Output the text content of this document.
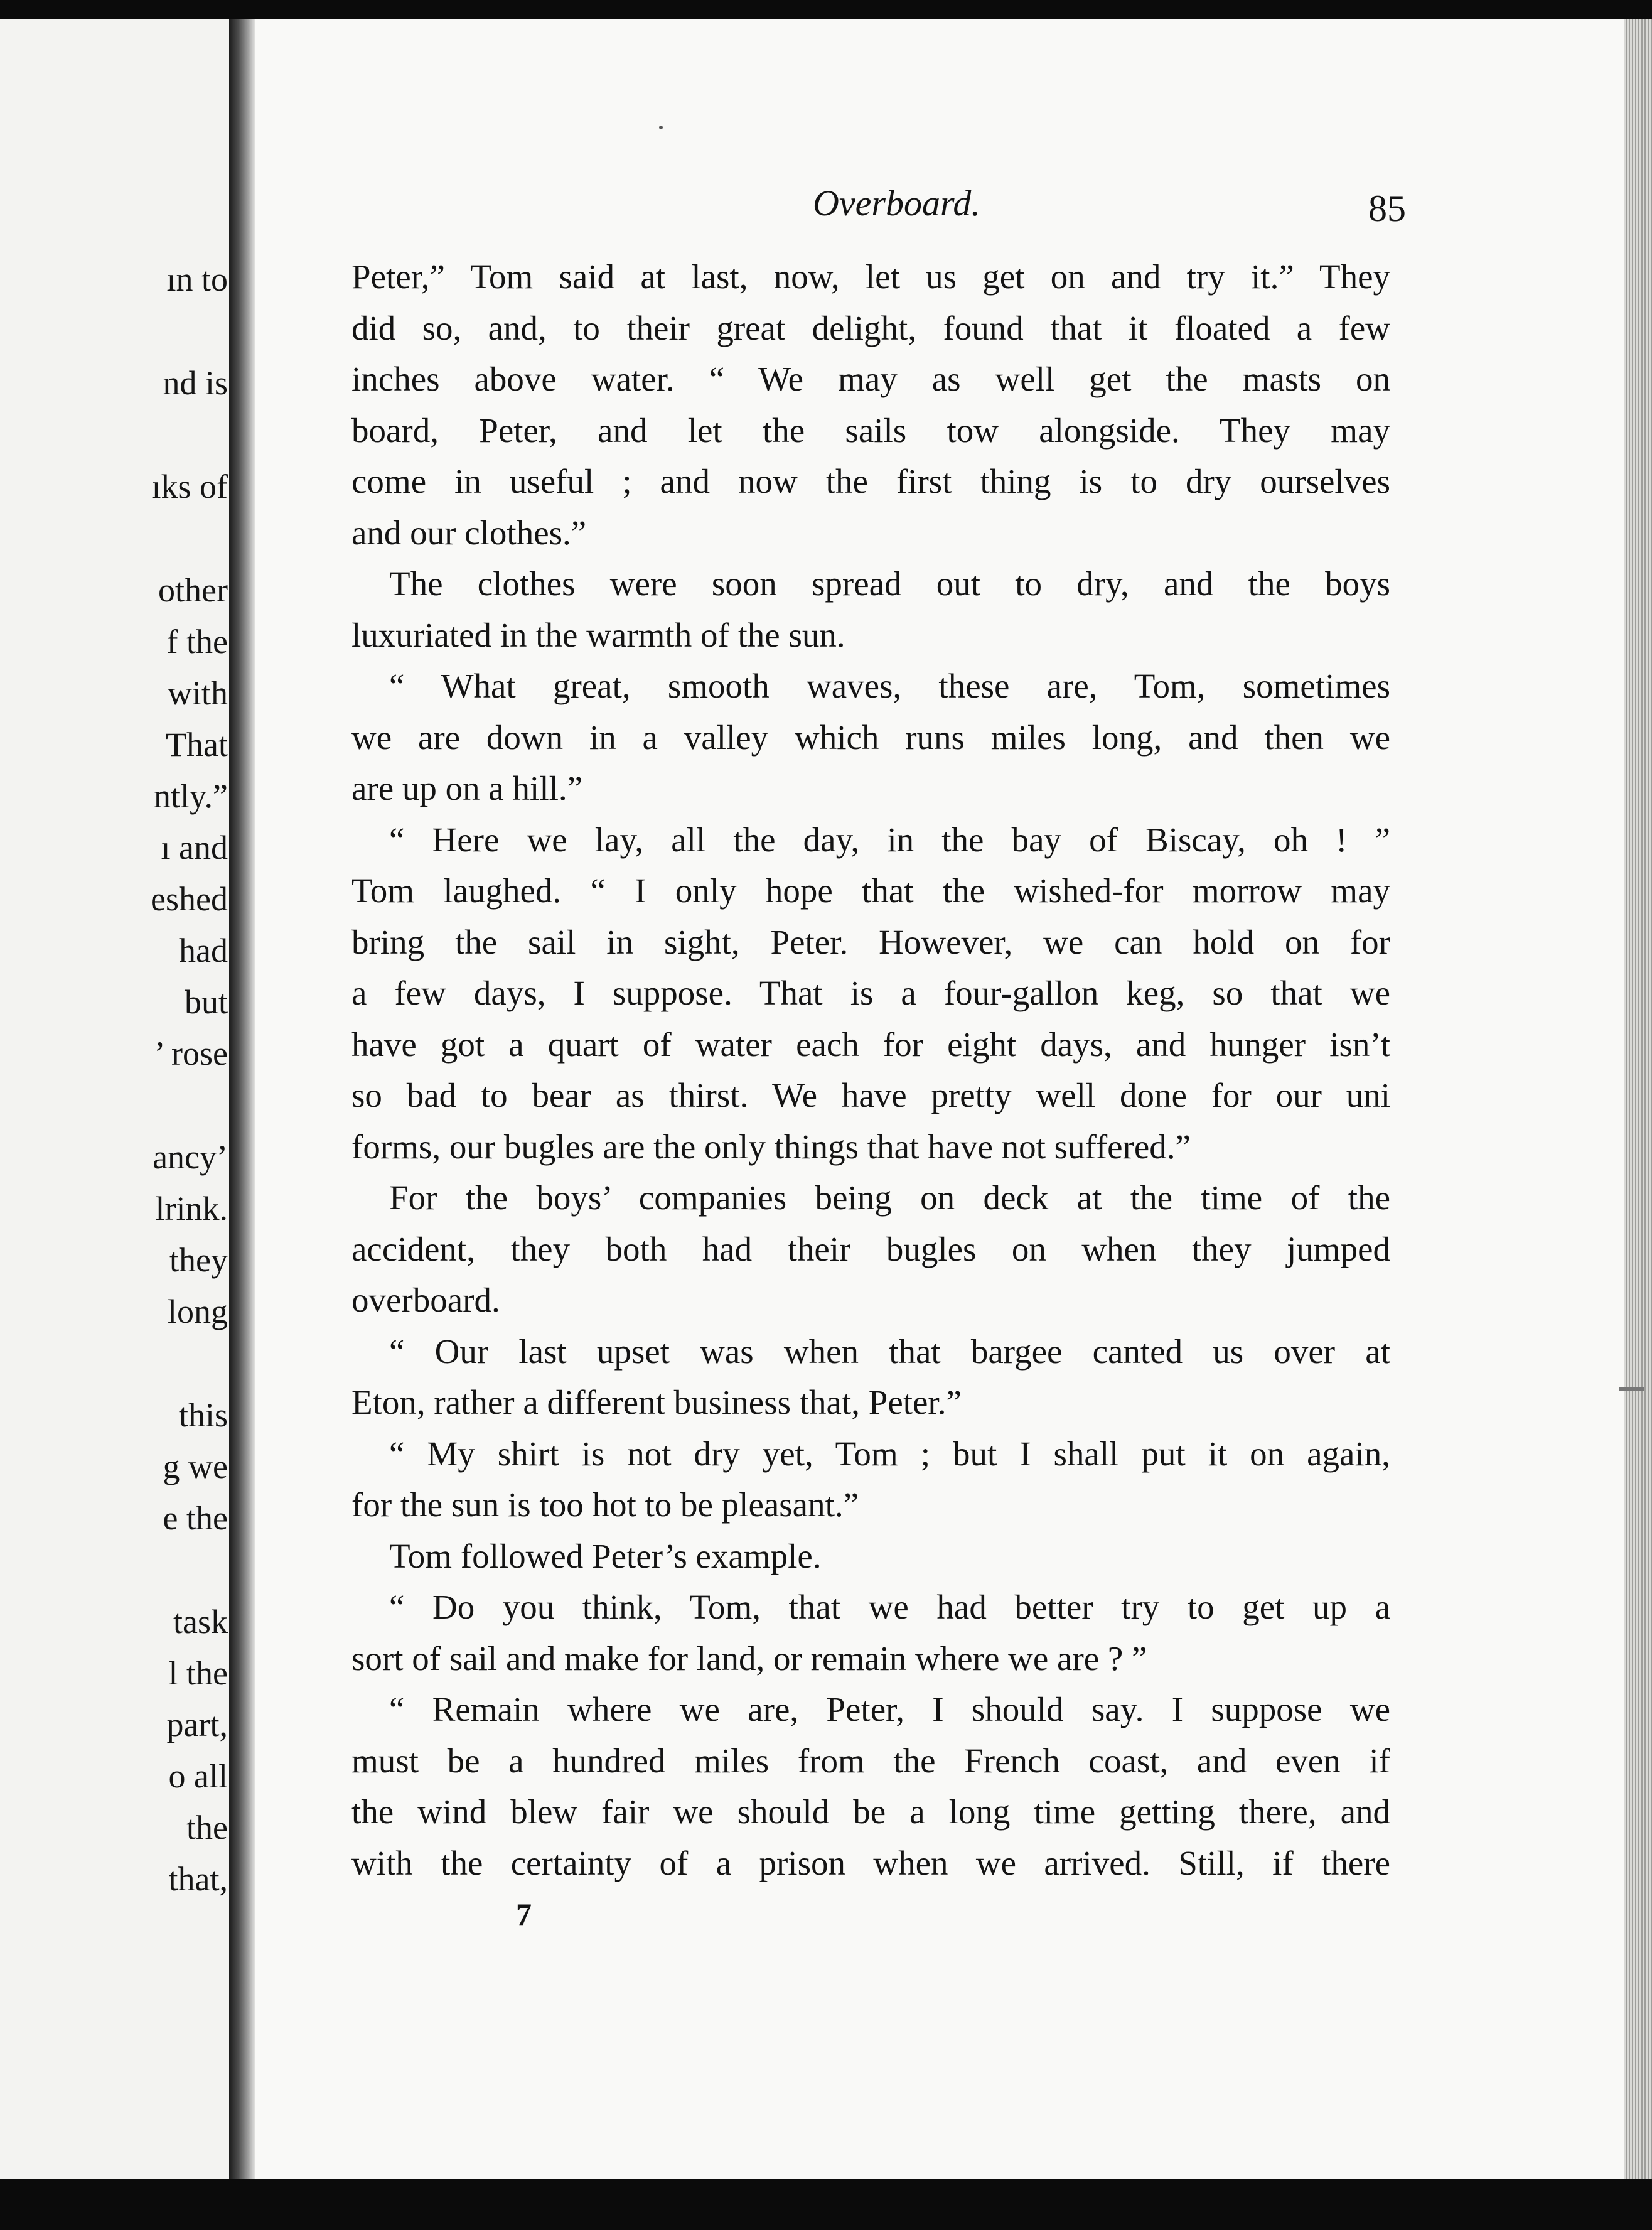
ın to
nd is
ıks of
other
f the
with
That
ntly.”
ı and
eshed
had
but
’ rose
ancy’
lrink.
they
long
this
g we
e the
task
l the
part,
o all
the
that,
Overboard.	85
Peter,” Tom said at last, now, let us get on and try it.” They
did so, and, to their great delight, found that it floated a few
inches above water. “ We may as well get the masts on
board, Peter, and let the sails tow alongside. They may
come in useful ; and now the first thing is to dry ourselves
and our clothes.”
The clothes were soon spread out to dry, and the boys
luxuriated in the warmth of the sun.
“ What great, smooth waves, these are, Tom, sometimes
we are down in a valley which runs miles long, and then we
are up on a hill.”
“ Here we lay, all the day, in the bay of Biscay, oh ! ”
Tom laughed. “ I only hope that the wished-for morrow may
bring the sail in sight, Peter. However, we can hold on for
a few days, I suppose. That is a four-gallon keg, so that we
have got a quart of water each for eight days, and hunger isn’t
so bad to bear as thirst. We have pretty well done for our uni
forms, our bugles are the only things that have not suffered.”
For the boys’ companies being on deck at the time of the
accident, they both had their bugles on when they jumped
overboard.
“ Our last upset was when that bargee canted us over at
Eton, rather a different business that, Peter.”
“ My shirt is not dry yet, Tom ; but I shall put it on again,
for the sun is too hot to be pleasant.”
Tom followed Peter’s example.
“ Do you think, Tom, that we had better try to get up a
sort of sail and make for land, or remain where we are ? ”
“ Remain where we are, Peter, I should say. I suppose we
must be a hundred miles from the French coast, and even if
the wind blew fair we should be a long time getting there, and
with the certainty of a prison when we arrived. Still, if there
7
